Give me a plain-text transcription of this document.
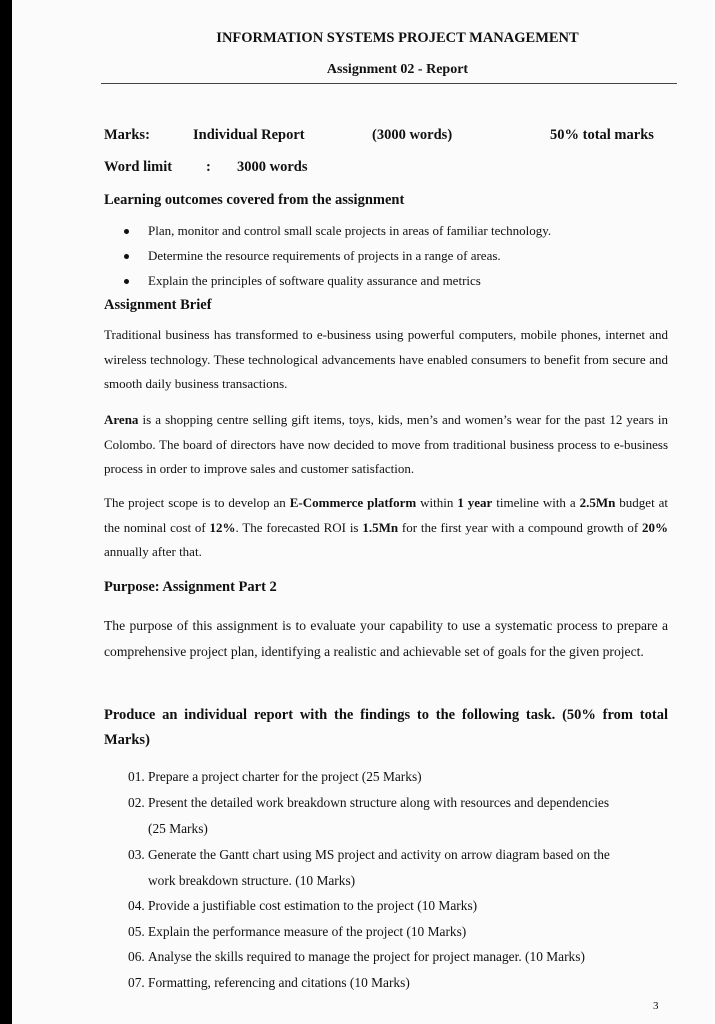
INFORMATION SYSTEMS PROJECT MANAGEMENT
Assignment 02 - Report
Marks:	Individual Report	(3000 words)	50% total marks
Word limit : 3000 words
Learning outcomes covered from the assignment
Plan, monitor and control small scale projects in areas of familiar technology.
Determine the resource requirements of projects in a range of areas.
Explain the principles of software quality assurance and metrics
Assignment Brief
Traditional business has transformed to e-business using powerful computers, mobile phones, internet and wireless technology. These technological advancements have enabled consumers to benefit from secure and smooth daily business transactions.
Arena is a shopping centre selling gift items, toys, kids, men’s and women’s wear for the past 12 years in Colombo. The board of directors have now decided to move from traditional business process to e-business process in order to improve sales and customer satisfaction.
The project scope is to develop an E-Commerce platform within 1 year timeline with a 2.5Mn budget at the nominal cost of 12%. The forecasted ROI is 1.5Mn for the first year with a compound growth of 20% annually after that.
Purpose: Assignment Part 2
The purpose of this assignment is to evaluate your capability to use a systematic process to prepare a comprehensive project plan, identifying a realistic and achievable set of goals for the given project.
Produce an individual report with the findings to the following task. (50% from total Marks)
01. Prepare a project charter for the project (25 Marks)
02. Present the detailed work breakdown structure along with resources and dependencies
(25 Marks)
03. Generate the Gantt chart using MS project and activity on arrow diagram based on the
work breakdown structure. (10 Marks)
04. Provide a justifiable cost estimation to the project (10 Marks)
05. Explain the performance measure of the project (10 Marks)
06. Analyse the skills required to manage the project for project manager. (10 Marks)
07. Formatting, referencing and citations (10 Marks)
3
